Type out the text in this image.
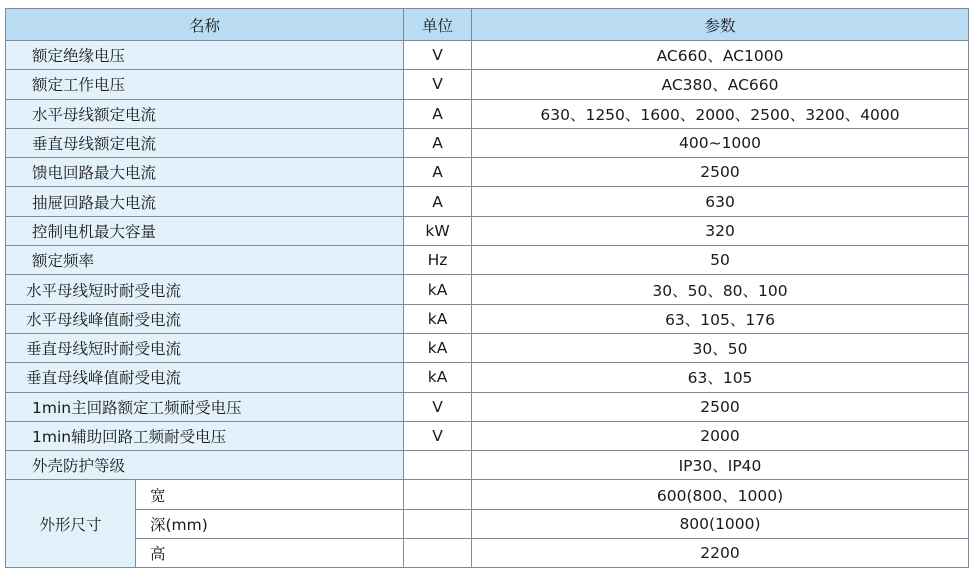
名称		单位	参数
额定绝缘电压		V	AC660、AC1000
额定工作电压		V	AC380、AC660
水平母线额定电流		A	630、1250、1600、2000、2500、3200、4000
垂直母线额定电流		A	400~1000
馈电回路最大电流		A	2500
抽屉回路最大电流		A	630
控制电机最大容量		kW	320
额定频率		Hz	50
水平母线短时耐受电流		kA	30、50、80、100
水平母线峰值耐受电流		kA	63、105、176
垂直母线短时耐受电流		kA	30、50
垂直母线峰值耐受电流		kA	63、105
1min主回路额定工频耐受电压		V	2500
1min辅助回路工频耐受电压		V	2000
外壳防护等级			IP30、IP40
外形尺寸	宽		600(800、1000)
	深(mm)		800(1000)
	高		2200
